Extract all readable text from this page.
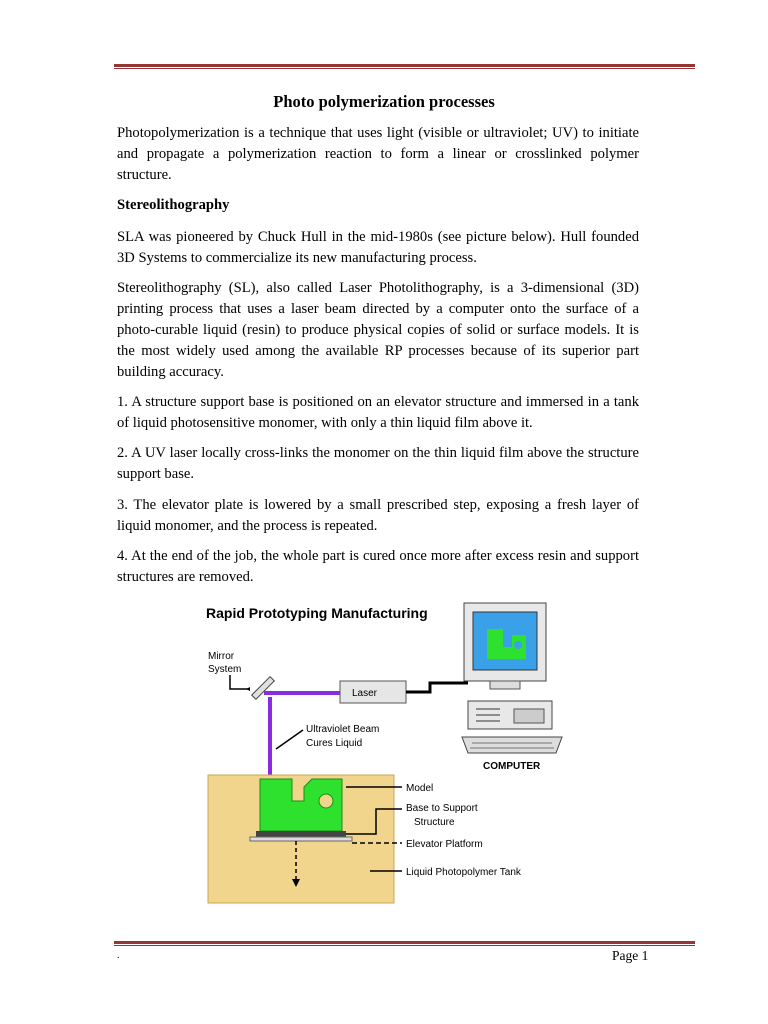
Photo polymerization processes

Photopolymerization is a technique that uses light (visible or ultraviolet; UV) to initiate and propagate a polymerization reaction to form a linear or crosslinked polymer structure.

Stereolithography

SLA was pioneered by Chuck Hull in the mid-1980s (see picture below). Hull founded 3D Systems to commercialize its new manufacturing process.

Stereolithography (SL), also called Laser Photolithography, is a 3-dimensional (3D) printing process that uses a laser beam directed by a computer onto the surface of a photo-curable liquid (resin) to produce physical copies of solid or surface models. It is the most widely used among the available RP processes because of its superior part building accuracy.

1. A structure support base is positioned on an elevator structure and immersed in a tank of liquid photosensitive monomer, with only a thin liquid film above it.

2. A UV laser locally cross-links the monomer on the thin liquid film above the structure support base.

3. The elevator plate is lowered by a small prescribed step, exposing a fresh layer of liquid monomer, and the process is repeated.

4. At the end of the job, the whole part is cured once more after excess resin and support structures are removed.

Rapid Prototyping Manufacturing
Mirror
System
Laser
Ultraviolet Beam
Cures Liquid
COMPUTER
Model
Base to Support
Structure
Elevator Platform
Liquid Photopolymer Tank
.	Page 1
